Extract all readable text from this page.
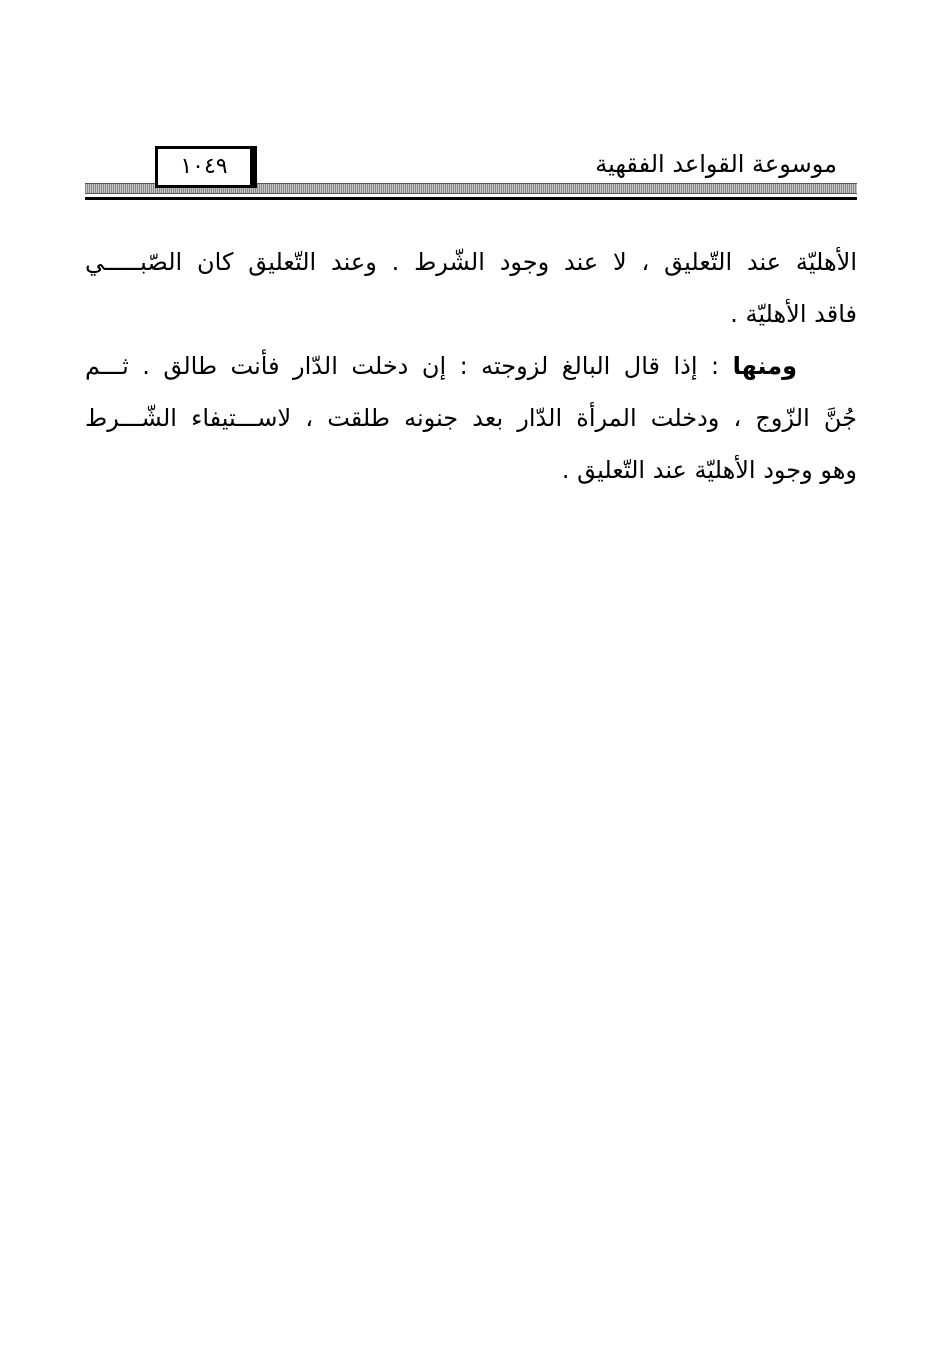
موسوعة القواعد الفقهية
١٠٤٩
الأهليّة عند التّعليق ، لا عند وجود الشّرط . وعند التّعليق كان الصّبـــــي
فاقد الأهليّة .
ومنها : إذا قال البالغ لزوجته : إن دخلت الدّار فأنت طالق . ثـــم
جُنَّ الزّوج ، ودخلت المرأة الدّار بعد جنونه طلقت ، لاســـتيفاء الشّـــرط
وهو وجود الأهليّة عند التّعليق .
